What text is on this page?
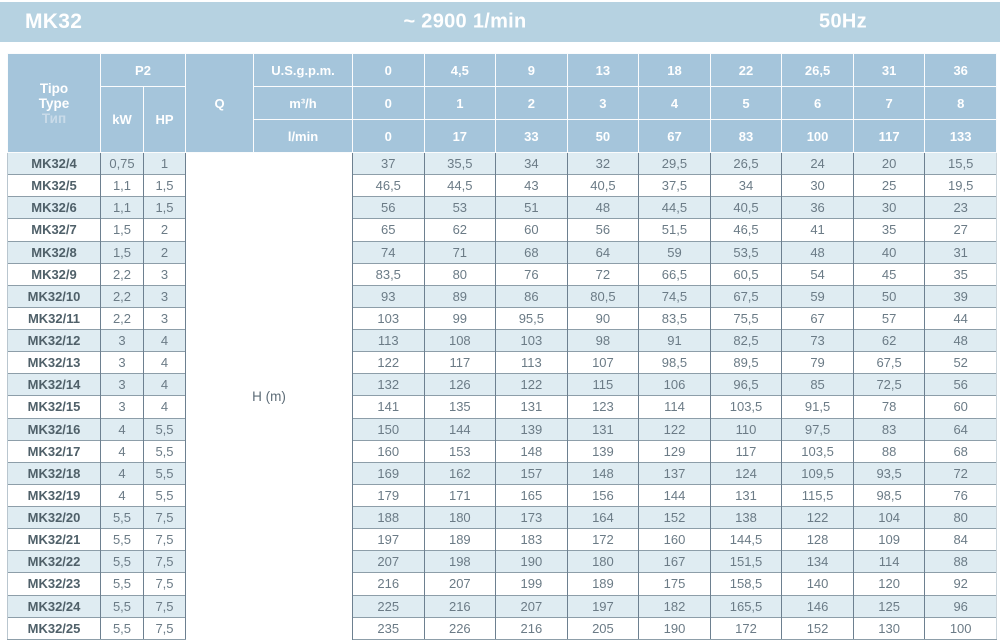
MK32	~ 2900 1/min	50Hz
Tipo
Type
Тип	P2		Q	U.S.g.p.m.	0	4,5	9	13	18	22	26,5	31	36
	kW	HP		m³/h	0	1	2	3	4	5	6	7	8
				l/min	0	17	33	50	67	83	100	117	133
MK32/4	0,75	1	H (m)		37	35,5	34	32	29,5	26,5	24	20	15,5
MK32/5	1,1	1,5			46,5	44,5	43	40,5	37,5	34	30	25	19,5
MK32/6	1,1	1,5			56	53	51	48	44,5	40,5	36	30	23
MK32/7	1,5	2			65	62	60	56	51,5	46,5	41	35	27
MK32/8	1,5	2			74	71	68	64	59	53,5	48	40	31
MK32/9	2,2	3			83,5	80	76	72	66,5	60,5	54	45	35
MK32/10	2,2	3			93	89	86	80,5	74,5	67,5	59	50	39
MK32/11	2,2	3			103	99	95,5	90	83,5	75,5	67	57	44
MK32/12	3	4			113	108	103	98	91	82,5	73	62	48
MK32/13	3	4			122	117	113	107	98,5	89,5	79	67,5	52
MK32/14	3	4			132	126	122	115	106	96,5	85	72,5	56
MK32/15	3	4			141	135	131	123	114	103,5	91,5	78	60
MK32/16	4	5,5			150	144	139	131	122	110	97,5	83	64
MK32/17	4	5,5			160	153	148	139	129	117	103,5	88	68
MK32/18	4	5,5			169	162	157	148	137	124	109,5	93,5	72
MK32/19	4	5,5			179	171	165	156	144	131	115,5	98,5	76
MK32/20	5,5	7,5			188	180	173	164	152	138	122	104	80
MK32/21	5,5	7,5			197	189	183	172	160	144,5	128	109	84
MK32/22	5,5	7,5			207	198	190	180	167	151,5	134	114	88
MK32/23	5,5	7,5			216	207	199	189	175	158,5	140	120	92
MK32/24	5,5	7,5			225	216	207	197	182	165,5	146	125	96
MK32/25	5,5	7,5			235	226	216	205	190	172	152	130	100
